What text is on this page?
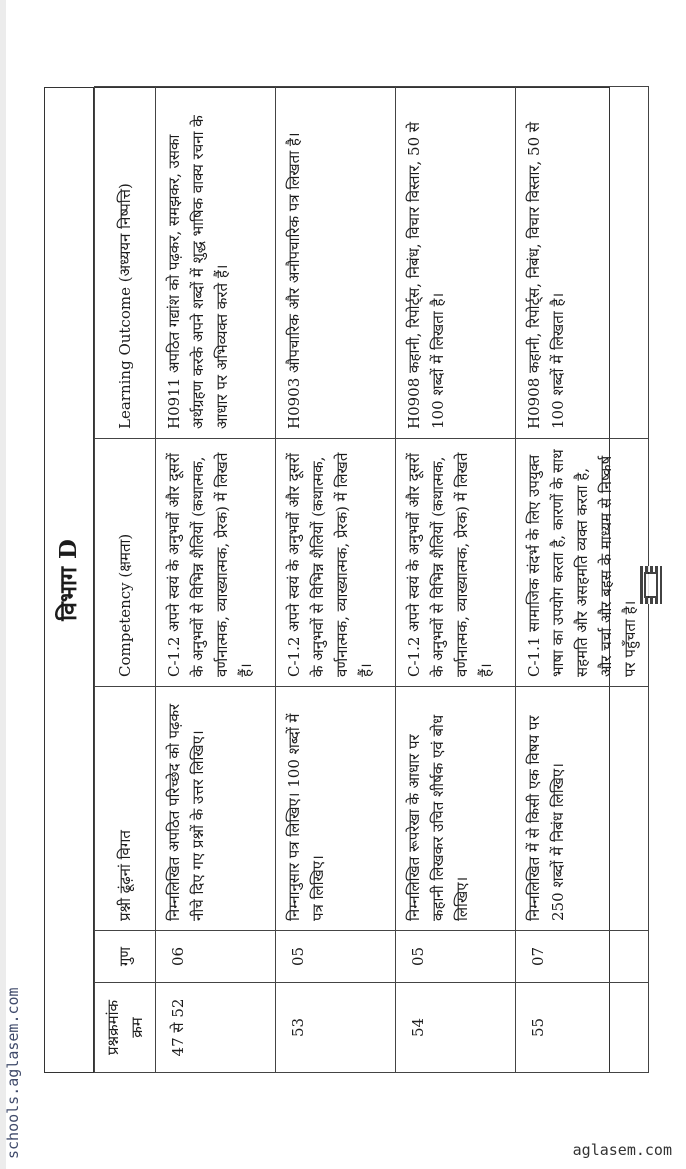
विभाग D
प्रश्नक्रमांक क्रम	गुण	प्रश्नी ढूंढ़नां विगत	Competency (क्षमता)	Learning Outcome (अध्ययन निष्पत्ति)
47 से 52	06	निम्नलिखित अपठित परिच्छेद को पढ़कर नीचे दिए गए प्रश्नों के उत्तर लिखिए।	C-1.2 अपने स्वयं के अनुभवों और दूसरों के अनुभवों से विभिन्न शैलियों (कथात्मक, वर्णनात्मक, व्याख्यात्मक, प्रेरक) में लिखते हैं।	H0911 अपठित गद्यांश को पढ़कर, समझकर, उसका अर्थग्रहण करके अपने शब्दों में शुद्ध भाषिक वाक्य रचना के आधार पर अभिव्यक्त करते हैं।
53	05	निम्नानुसार पत्र लिखिए। 100 शब्दों में पत्र लिखिए।	C-1.2 अपने स्वयं के अनुभवों और दूसरों के अनुभवों से विभिन्न शैलियों (कथात्मक, वर्णनात्मक, व्याख्यात्मक, प्रेरक) में लिखते हैं।	H0903 औपचारिक और अनौपचारिक पत्र लिखता है।
54	05	निम्नलिखित रूपरेखा के आधार पर कहानी लिखकर उचित शीर्षक एवं बोध लिखिए।	C-1.2 अपने स्वयं के अनुभवों और दूसरों के अनुभवों से विभिन्न शैलियों (कथात्मक, वर्णनात्मक, व्याख्यात्मक, प्रेरक) में लिखते हैं।	H0908 कहानी, रिपोर्ट्स, निबंध, विचार विस्तार, 50 से 100 शब्दों में लिखता है।
55	07	निम्नलिखित में से किसी एक विषय पर 250 शब्दों में निबंध लिखिए।	C-1.1 सामाजिक संदर्भ के लिए उपयुक्त भाषा का उपयोग करता है, कारणों के साथ सहमति और असहमति व्यक्त करता है, और चर्चा और बहस के माध्यम से निष्कर्ष पर पहुँचता है।	H0908 कहानी, रिपोर्ट्स, निबंध, विचार विस्तार, 50 से 100 शब्दों में लिखता है।
schools.aglasem.com	aglasem.com
